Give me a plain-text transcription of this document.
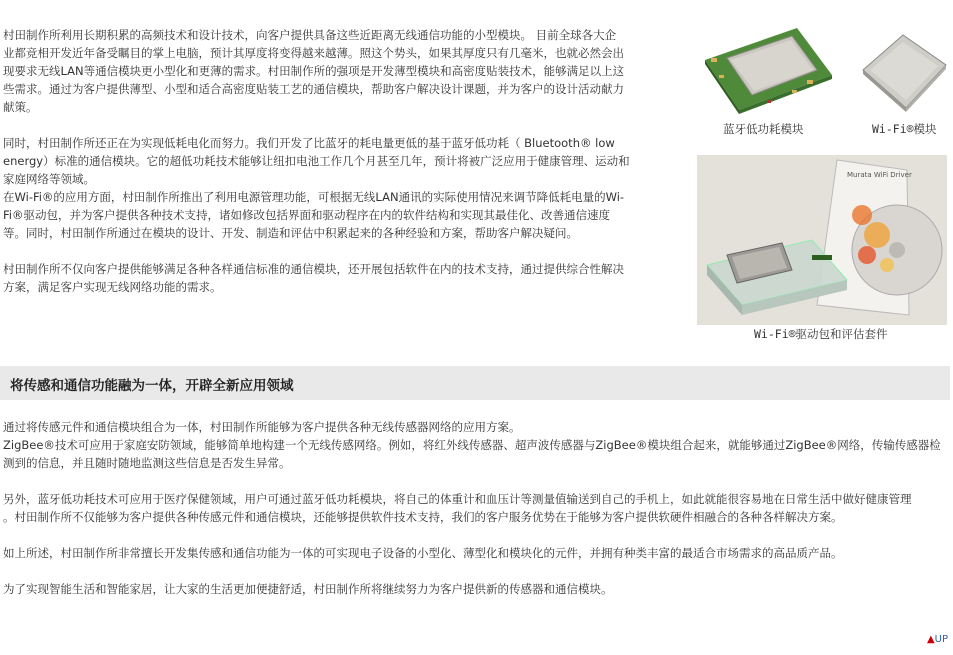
村田制作所利用长期积累的高频技术和设计技术，向客户提供具备这些近距离无线通信功能的小型模块。 目前全球各大企
业都竞相开发近年备受瞩目的掌上电脑，预计其厚度将变得越来越薄。照这个势头，如果其厚度只有几毫米，也就必然会出
现要求无线LAN等通信模块更小型化和更薄的需求。村田制作所的强项是开发薄型模块和高密度贴装技术，能够满足以上这
些需求。通过为客户提供薄型、小型和适合高密度贴装工艺的通信模块，帮助客户解决设计课题，并为客户的设计活动献力
献策。
同时，村田制作所还正在为实现低耗电化而努力。我们开发了比蓝牙的耗电量更低的基于蓝牙低功耗（ Bluetooth® low
energy）标准的通信模块。它的超低功耗技术能够让纽扣电池工作几个月甚至几年，预计将被广泛应用于健康管理、运动和
家庭网络等领域。
在Wi-Fi®的应用方面，村田制作所推出了利用电源管理功能，可根据无线LAN通讯的实际使用情况来调节降低耗电量的Wi-
Fi®驱动包，并为客户提供各种技术支持，诸如修改包括界面和驱动程序在内的软件结构和实现其最佳化、改善通信速度
等。同时，村田制作所通过在模块的设计、开发、制造和评估中积累起来的各种经验和方案，帮助客户解决疑问。
村田制作所不仅向客户提供能够满足各种各样通信标准的通信模块，还开展包括软件在内的技术支持，通过提供综合性解决
方案，满足客户实现无线网络功能的需求。
蓝牙低功耗模块	Wi-Fi®模块
Murata WiFi Driver
Wi-Fi®驱动包和评估套件
将传感和通信功能融为一体，开辟全新应用领域
通过将传感元件和通信模块组合为一体，村田制作所能够为客户提供各种无线传感器网络的应用方案。
ZigBee®技术可应用于家庭安防领域，能够简单地构建一个无线传感网络。例如，将红外线传感器、超声波传感器与ZigBee®模块组合起来，就能够通过ZigBee®网络，传输传感器检
测到的信息，并且随时随地监测这些信息是否发生异常。
另外，蓝牙低功耗技术可应用于医疗保健领域，用户可通过蓝牙低功耗模块，将自己的体重计和血压计等测量值输送到自己的手机上，如此就能很容易地在日常生活中做好健康管理
。村田制作所不仅能够为客户提供各种传感元件和通信模块，还能够提供软件技术支持，我们的客户服务优势在于能够为客户提供软硬件相融合的各种各样解决方案。
如上所述，村田制作所非常擅长开发集传感和通信功能为一体的可实现电子设备的小型化、薄型化和模块化的元件，并拥有种类丰富的最适合市场需求的高品质产品。
为了实现智能生活和智能家居，让大家的生活更加便捷舒适，村田制作所将继续努力为客户提供新的传感器和通信模块。
▲UP
